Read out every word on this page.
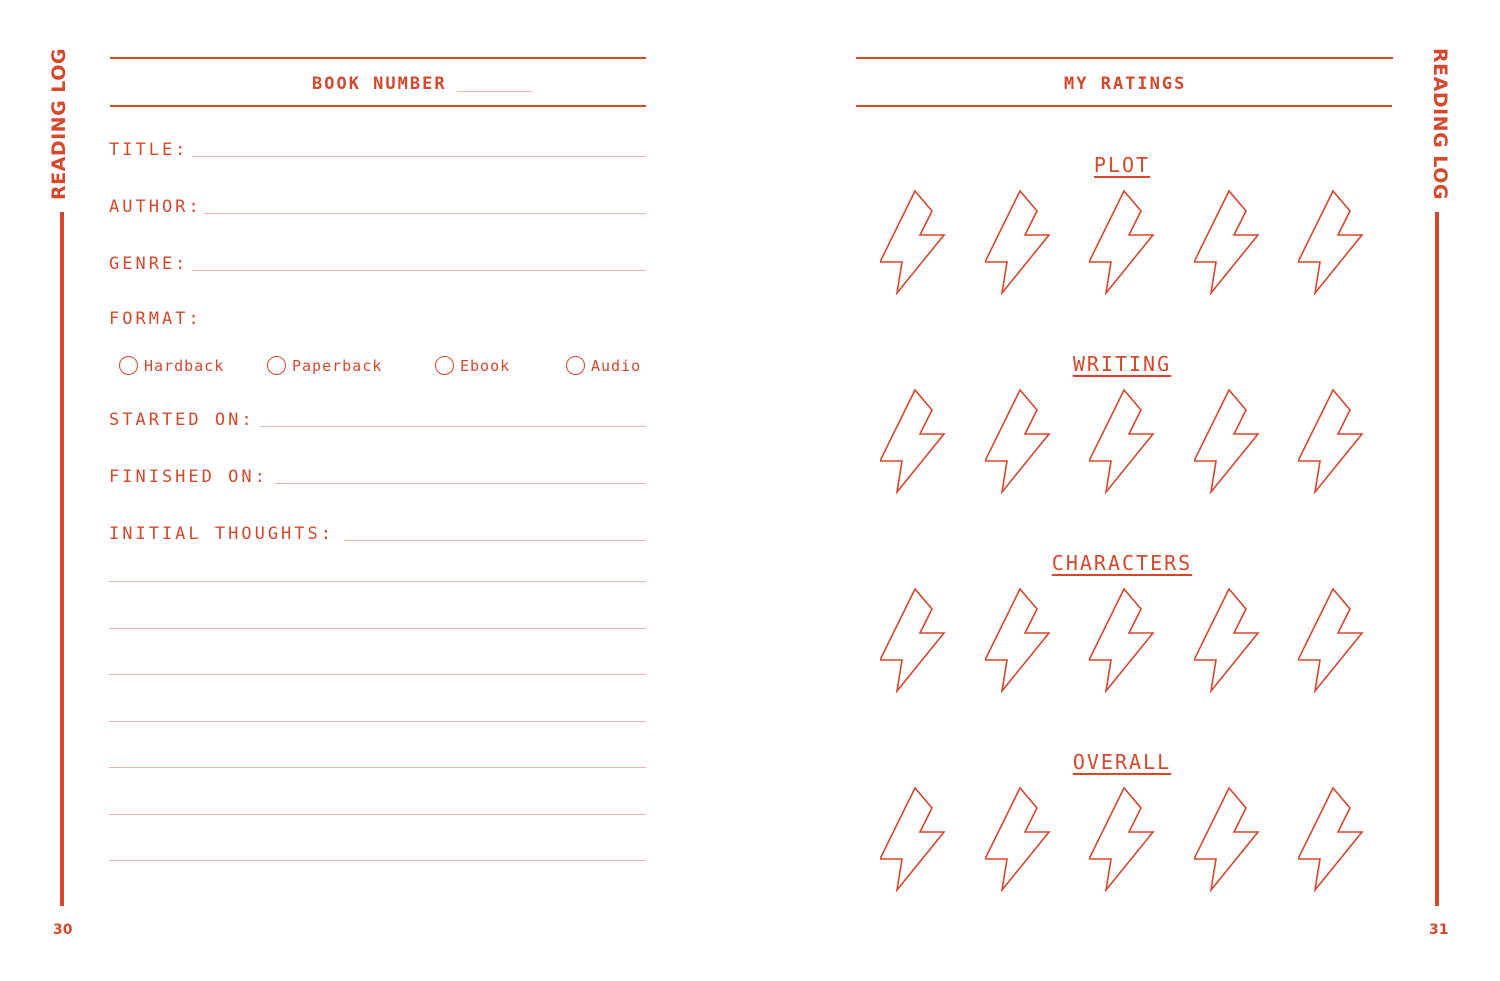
READING LOG
30
BOOK NUMBER
TITLE:
AUTHOR:
GENRE:
FORMAT:
Hardback	Paperback	Ebook	Audio
STARTED ON:
FINISHED ON:
INITIAL THOUGHTS:
READING LOG
31
MY RATINGS
PLOT
WRITING
CHARACTERS
OVERALL
